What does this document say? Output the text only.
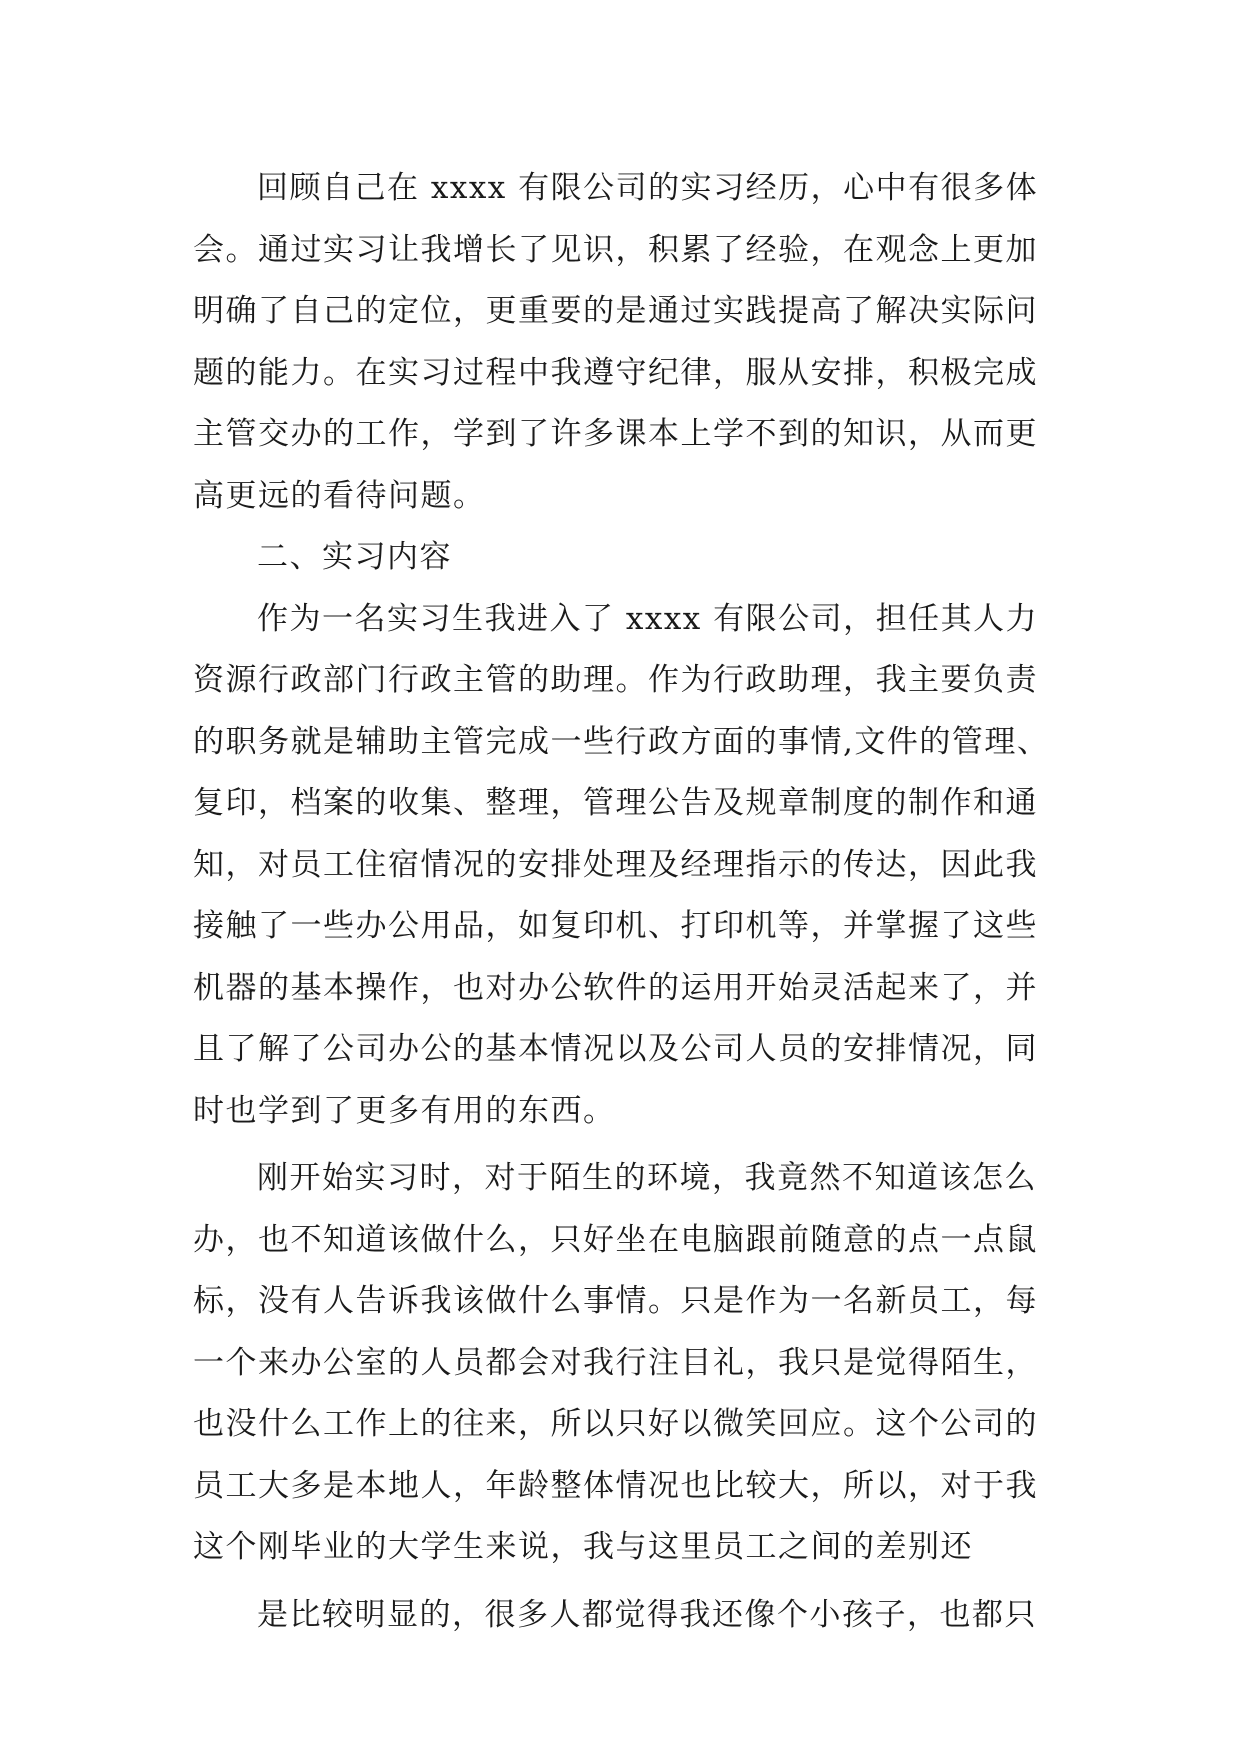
回顾自己在 xxxx 有限公司的实习经历，心中有很多体
会。通过实习让我增长了见识，积累了经验，在观念上更加
明确了自己的定位，更重要的是通过实践提高了解决实际问
题的能力。在实习过程中我遵守纪律，服从安排，积极完成
主管交办的工作，学到了许多课本上学不到的知识，从而更
高更远的看待问题。
二、实习内容
作为一名实习生我进入了 xxxx 有限公司，担任其人力
资源行政部门行政主管的助理。作为行政助理，我主要负责
的职务就是辅助主管完成一些行政方面的事情,文件的管理、
复印，档案的收集、整理，管理公告及规章制度的制作和通
知，对员工住宿情况的安排处理及经理指示的传达，因此我
接触了一些办公用品，如复印机、打印机等，并掌握了这些
机器的基本操作，也对办公软件的运用开始灵活起来了，并
且了解了公司办公的基本情况以及公司人员的安排情况，同
时也学到了更多有用的东西。
刚开始实习时，对于陌生的环境，我竟然不知道该怎么
办，也不知道该做什么，只好坐在电脑跟前随意的点一点鼠
标，没有人告诉我该做什么事情。只是作为一名新员工，每
一个来办公室的人员都会对我行注目礼，我只是觉得陌生，
也没什么工作上的往来，所以只好以微笑回应。这个公司的
员工大多是本地人，年龄整体情况也比较大，所以，对于我
这个刚毕业的大学生来说，我与这里员工之间的差别还
是比较明显的，很多人都觉得我还像个小孩子，也都只
